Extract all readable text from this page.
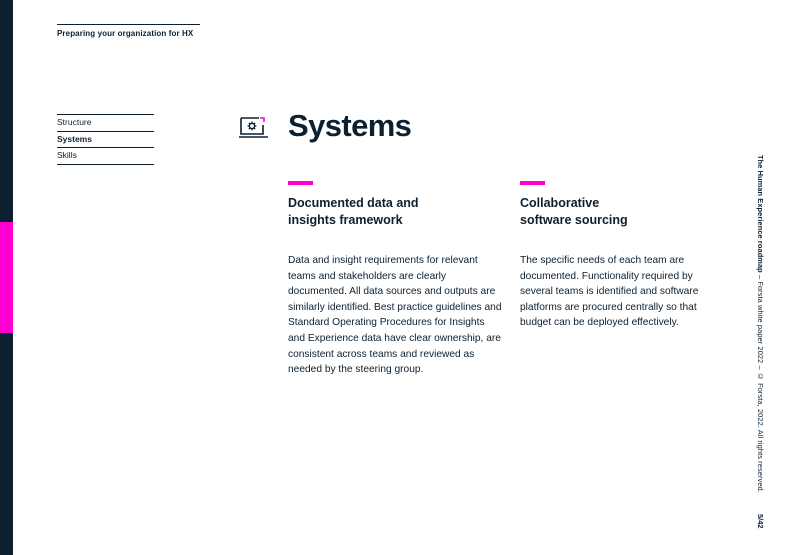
Preparing your organization for HX
Structure
Systems
Skills
Systems
Documented data and
insights framework

Data and insight requirements for relevant teams and stakeholders are clearly documented. All data sources and outputs are similarly identified. Best practice guidelines and Standard Operating Procedures for Insights and Experience data have clear ownership, are consistent across teams and reviewed as needed by the steering group.

Collaborative
software sourcing

The specific needs of each team are documented. Functionality required by several teams is identified and software platforms are procured centrally so that budget can be deployed effectively.

The Human Experience roadmap – Forsta white paper 2022 – © Forsta, 2022. All rights reserved.
5/42
